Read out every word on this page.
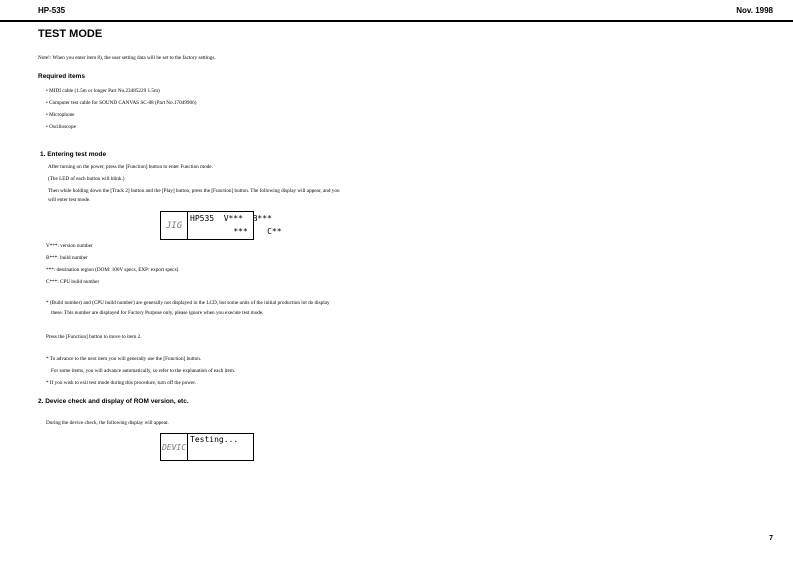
HP-535	Nov. 1998
TEST MODE
Note!: When you enter item 8), the user setting data will be set to the factory settings.
Required items
• MIDI cable (1.5m or longer Part No.23485229 1.5m)
• Computer test cable for SOUND CANVAS SC-88 (Part No.17049906)
• Microphone
• Oscilloscope
1. Entering test mode
After turning on the power, press the [Function] button to enter Function mode.
(The LED of each button will blink.)
Then while holding down the [Track 2] button and the [Play] button, press the [Function] button. The following display will appear, and you
will enter test mode.
JIG
HP535  V***  B***
***    C**
V***: version number
B***: build number
***: destination region (DOM: 100V specs, EXP: export specs)
C***: CPU build number
* (Build number) and (CPU build number) are generally not displayed in the LCD, but some units of the initial production lot do display
these. This number are displayed for Factory Purpose only, please ignore when you execute test mode.
Press the [Function] button to move to item 2.
* To advance to the next item you will generally use the [Function] button.
For some items, you will advance automatically, so refer to the explanation of each item.
* If you wish to exit test mode during this procedure, turn off the power.
2. Device check and display of ROM version, etc.
During the device check, the following display will appear.
DEVIC
Testing...
7
